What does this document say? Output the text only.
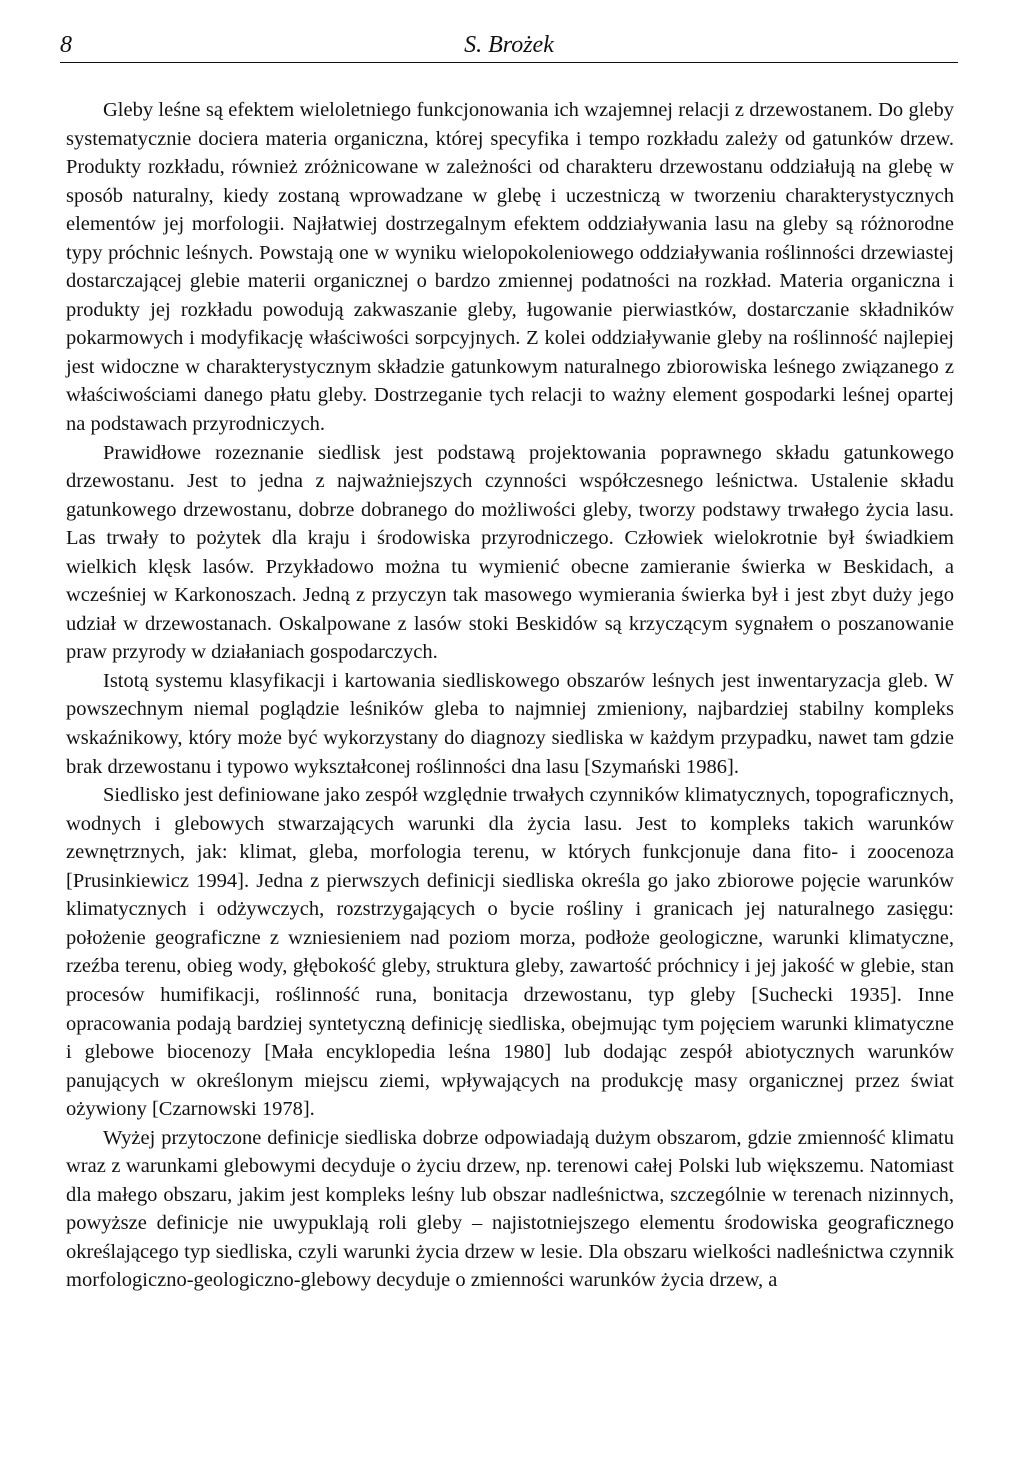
8	S. Brożek

Gleby leśne są efektem wieloletniego funkcjonowania ich wzajemnej relacji z drzewostanem. Do gleby systematycznie dociera materia organiczna, której specyfika i tempo rozkładu zależy od gatunków drzew. Produkty rozkładu, również zróżnicowane w zależności od charakteru drzewostanu oddziałują na glebę w sposób naturalny, kiedy zostaną wprowadzane w glebę i uczestniczą w tworzeniu charakterystycznych elementów jej morfologii. Najłatwiej dostrzegalnym efektem oddziaływania lasu na gleby są różnorodne typy próchnic leśnych. Powstają one w wyniku wielopokoleniowego oddziaływania roślinności drzewiastej dostarczającej glebie materii organicznej o bardzo zmiennej podatności na rozkład. Materia organiczna i produkty jej rozkładu powodują zakwaszanie gleby, ługowanie pierwiastków, dostarczanie składników pokarmowych i modyfikację właściwości sorpcyjnych. Z kolei oddziaływanie gleby na roślinność najlepiej jest widoczne w charakterystycznym składzie gatunkowym naturalnego zbiorowiska leśnego związanego z właściwościami danego płatu gleby. Dostrzeganie tych relacji to ważny element gospodarki leśnej opartej na podstawach przyrodniczych.

Prawidłowe rozeznanie siedlisk jest podstawą projektowania poprawnego składu gatunkowego drzewostanu. Jest to jedna z najważniejszych czynności współczesnego leśnictwa. Ustalenie składu gatunkowego drzewostanu, dobrze dobranego do możliwości gleby, tworzy podstawy trwałego życia lasu. Las trwały to pożytek dla kraju i środowiska przyrodniczego. Człowiek wielokrotnie był świadkiem wielkich klęsk lasów. Przykładowo można tu wymienić obecne zamieranie świerka w Beskidach, a wcześniej w Karkonoszach. Jedną z przyczyn tak masowego wymierania świerka był i jest zbyt duży jego udział w drzewostanach. Oskalpowane z lasów stoki Beskidów są krzyczącym sygnałem o poszanowanie praw przyrody w działaniach gospodarczych.

Istotą systemu klasyfikacji i kartowania siedliskowego obszarów leśnych jest inwentaryzacja gleb. W powszechnym niemal poglądzie leśników gleba to najmniej zmieniony, najbardziej stabilny kompleks wskaźnikowy, który może być wykorzystany do diagnozy siedliska w każdym przypadku, nawet tam gdzie brak drzewostanu i typowo wykształconej roślinności dna lasu [Szymański 1986].

Siedlisko jest definiowane jako zespół względnie trwałych czynników klimatycznych, topograficznych, wodnych i glebowych stwarzających warunki dla życia lasu. Jest to kompleks takich warunków zewnętrznych, jak: klimat, gleba, morfologia terenu, w których funkcjonuje dana fito- i zoocenoza [Prusinkiewicz 1994]. Jedna z pierwszych definicji siedliska określa go jako zbiorowe pojęcie warunków klimatycznych i odżywczych, rozstrzygających o bycie rośliny i granicach jej naturalnego zasięgu: położenie geograficzne z wzniesieniem nad poziom morza, podłoże geologiczne, warunki klimatyczne, rzeźba terenu, obieg wody, głębokość gleby, struktura gleby, zawartość próchnicy i jej jakość w glebie, stan procesów humifikacji, roślinność runa, bonitacja drzewostanu, typ gleby [Suchecki 1935]. Inne opracowania podają bardziej syntetyczną definicję siedliska, obejmując tym pojęciem warunki klimatyczne i glebowe biocenozy [Mała encyklopedia leśna 1980] lub dodając zespół abiotycznych warunków panujących w określonym miejscu ziemi, wpływających na produkcję masy organicznej przez świat ożywiony [Czarnowski 1978].

Wyżej przytoczone definicje siedliska dobrze odpowiadają dużym obszarom, gdzie zmienność klimatu wraz z warunkami glebowymi decyduje o życiu drzew, np. terenowi całej Polski lub większemu. Natomiast dla małego obszaru, jakim jest kompleks leśny lub obszar nadleśnictwa, szczególnie w terenach nizinnych, powyższe definicje nie uwypuklają roli gleby – najistotniejszego elementu środowiska geograficznego określającego typ siedliska, czyli warunki życia drzew w lesie. Dla obszaru wielkości nadleśnictwa czynnik morfologiczno-geologiczno-glebowy decyduje o zmienności warunków życia drzew, a
